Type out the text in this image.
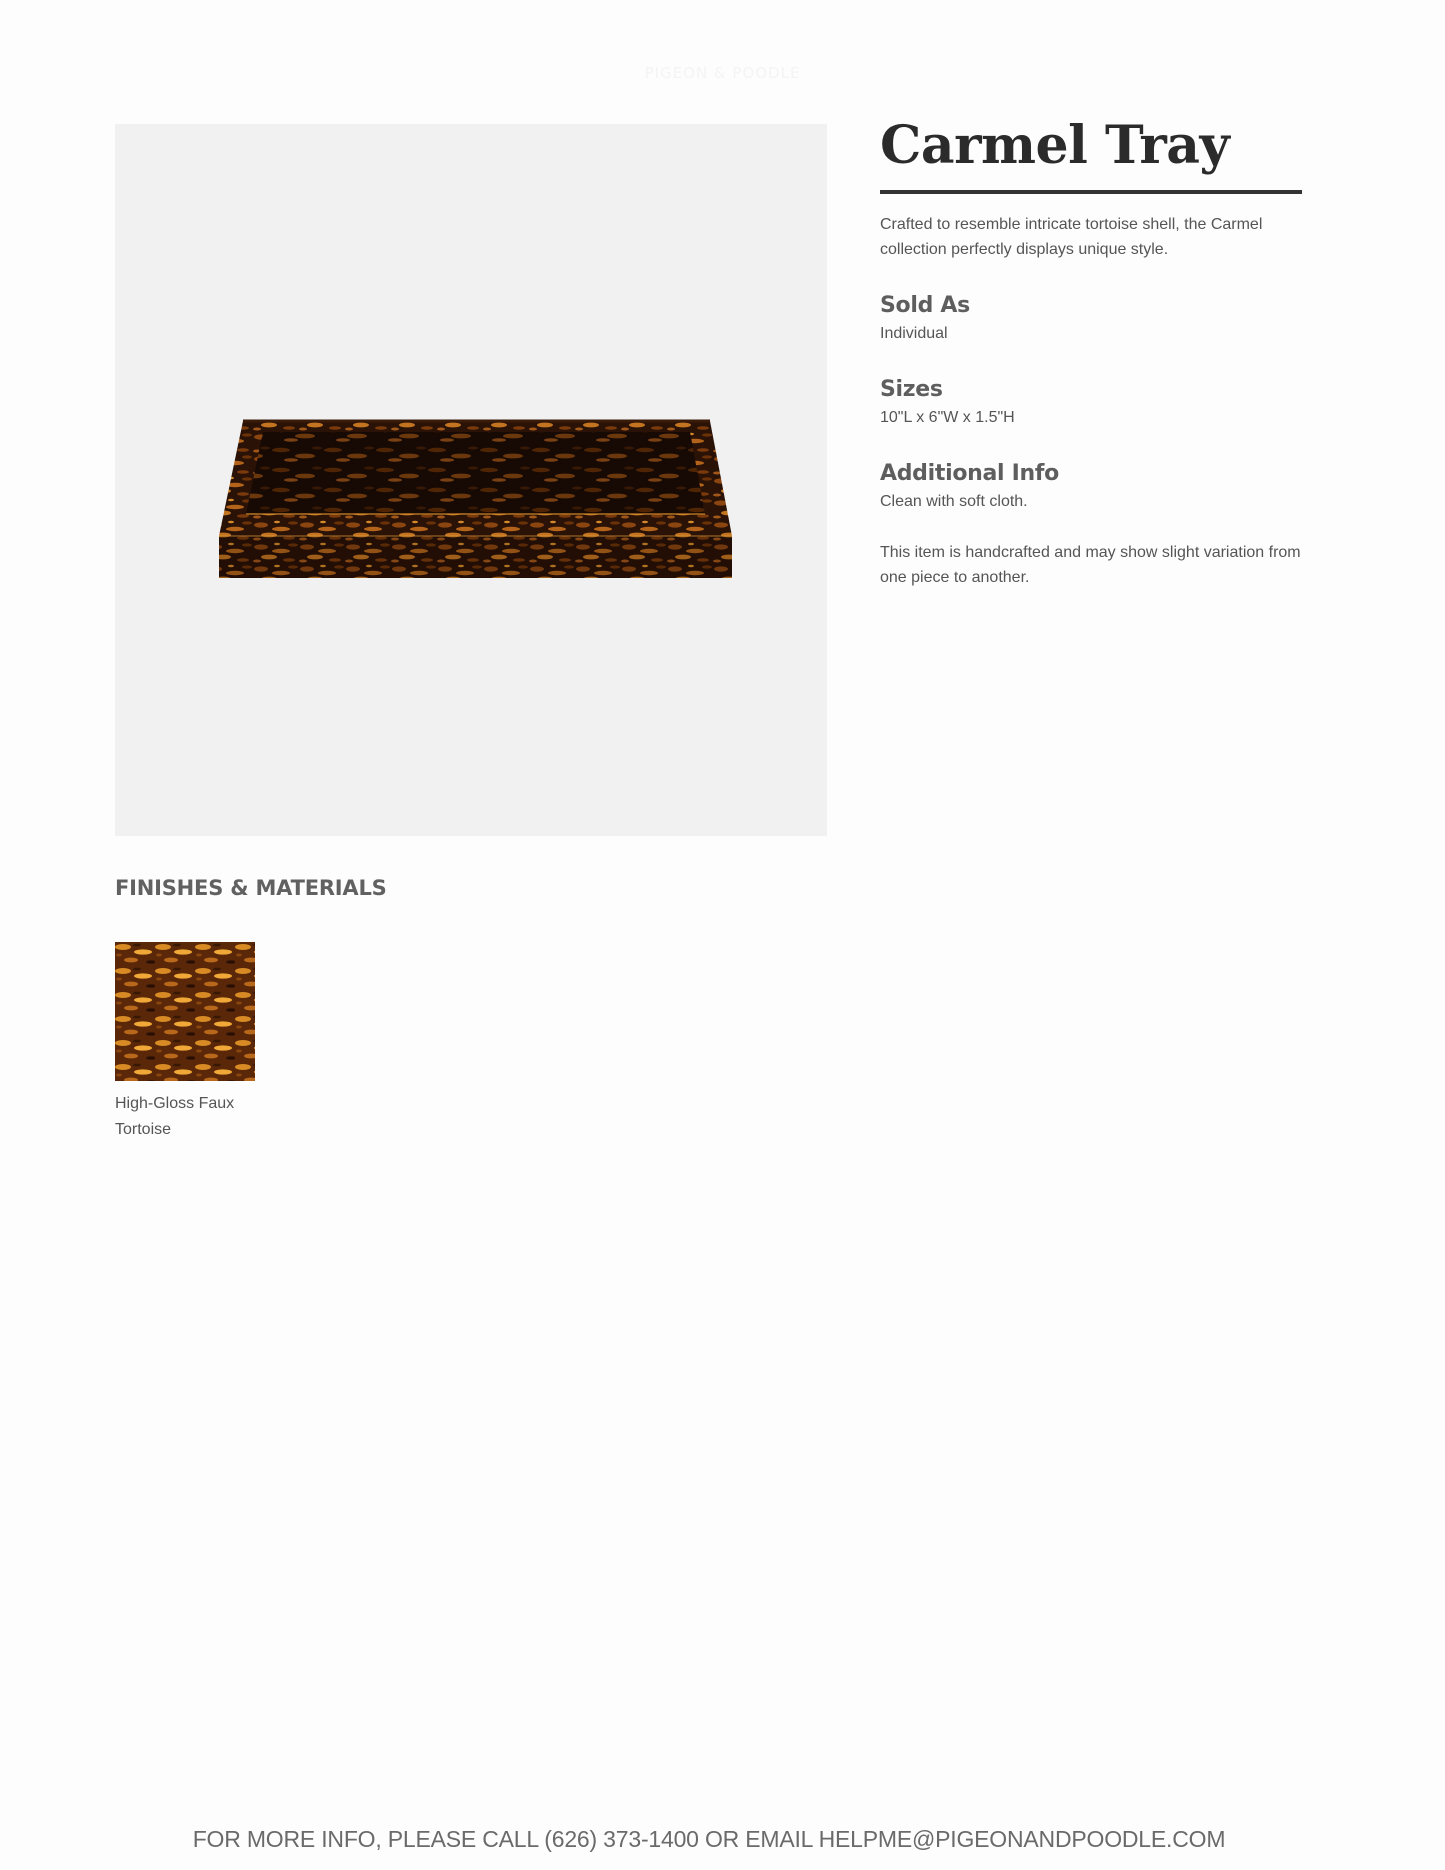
PIGEON & POODLE
Carmel Tray
Crafted to resemble intricate tortoise shell, the Carmel collection perfectly displays unique style.
Sold As
Individual
Sizes
10"L x 6"W x 1.5"H
Additional Info
Clean with soft cloth.
This item is handcrafted and may show slight variation from one piece to another.
FINISHES & MATERIALS
High-Gloss Faux Tortoise
FOR MORE INFO, PLEASE CALL (626) 373-1400 OR EMAIL HELPME@PIGEONANDPOODLE.COM
